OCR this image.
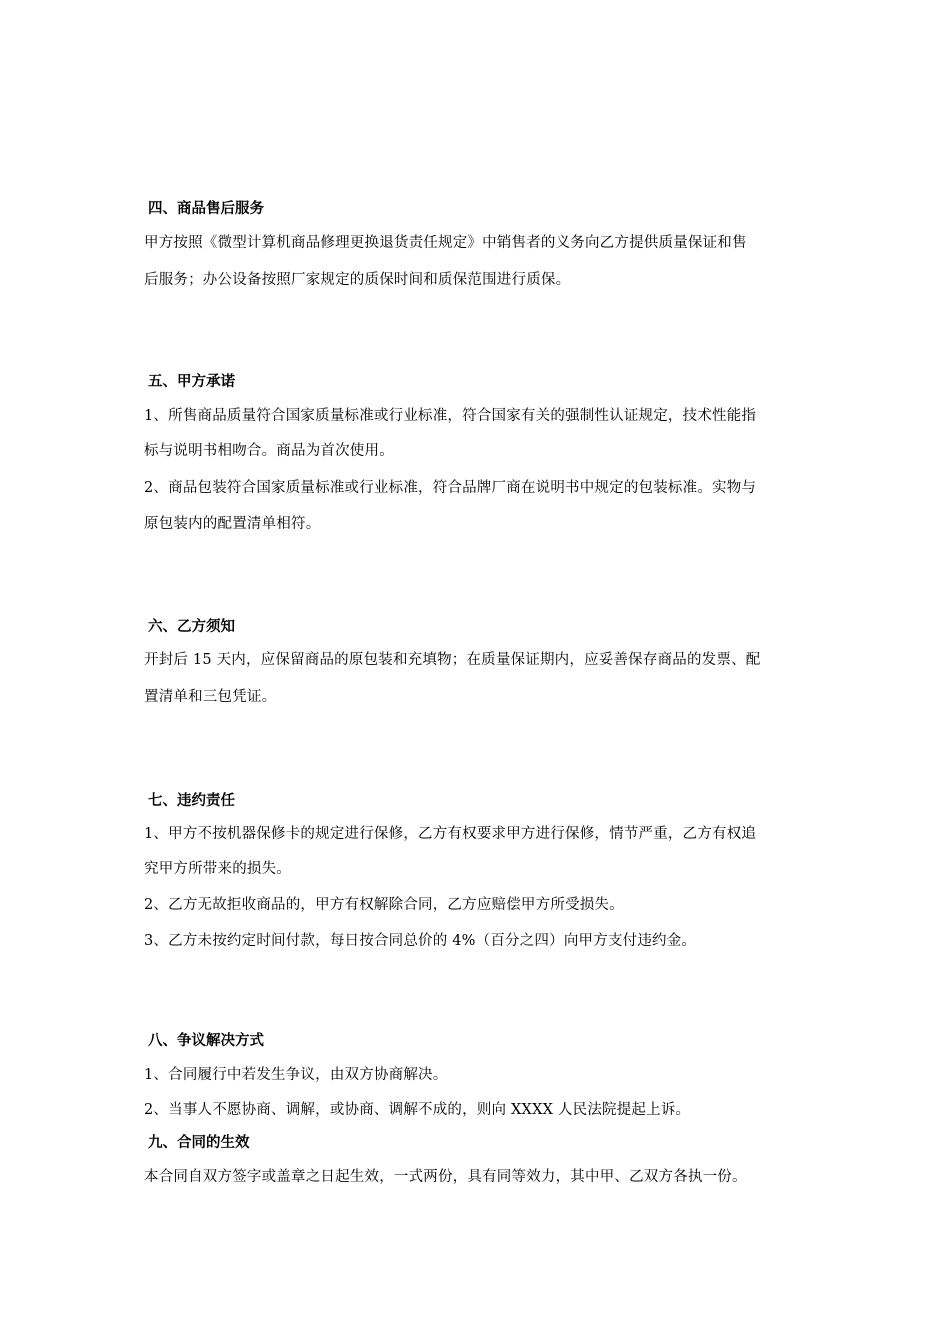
四、商品售后服务
甲方按照《微型计算机商品修理更换退货责任规定》中销售者的义务向乙方提供质量保证和售
后服务；办公设备按照厂家规定的质保时间和质保范围进行质保。
五、甲方承诺
1、所售商品质量符合国家质量标准或行业标准，符合国家有关的强制性认证规定，技术性能指
标与说明书相吻合。商品为首次使用。
2、商品包装符合国家质量标准或行业标准，符合品牌厂商在说明书中规定的包装标准。实物与
原包装内的配置清单相符。
六、乙方须知
开封后 15 天内，应保留商品的原包装和充填物；在质量保证期内，应妥善保存商品的发票、配
置清单和三包凭证。
七、违约责任
1、甲方不按机器保修卡的规定进行保修，乙方有权要求甲方进行保修，情节严重，乙方有权追
究甲方所带来的损失。
2、乙方无故拒收商品的，甲方有权解除合同，乙方应赔偿甲方所受损失。
3、乙方未按约定时间付款，每日按合同总价的 4%（百分之四）向甲方支付违约金。
八、争议解决方式
1、合同履行中若发生争议，由双方协商解决。
2、当事人不愿协商、调解，或协商、调解不成的，则向 XXXX 人民法院提起上诉。
九、合同的生效
本合同自双方签字或盖章之日起生效，一式两份，具有同等效力，其中甲、乙双方各执一份。
